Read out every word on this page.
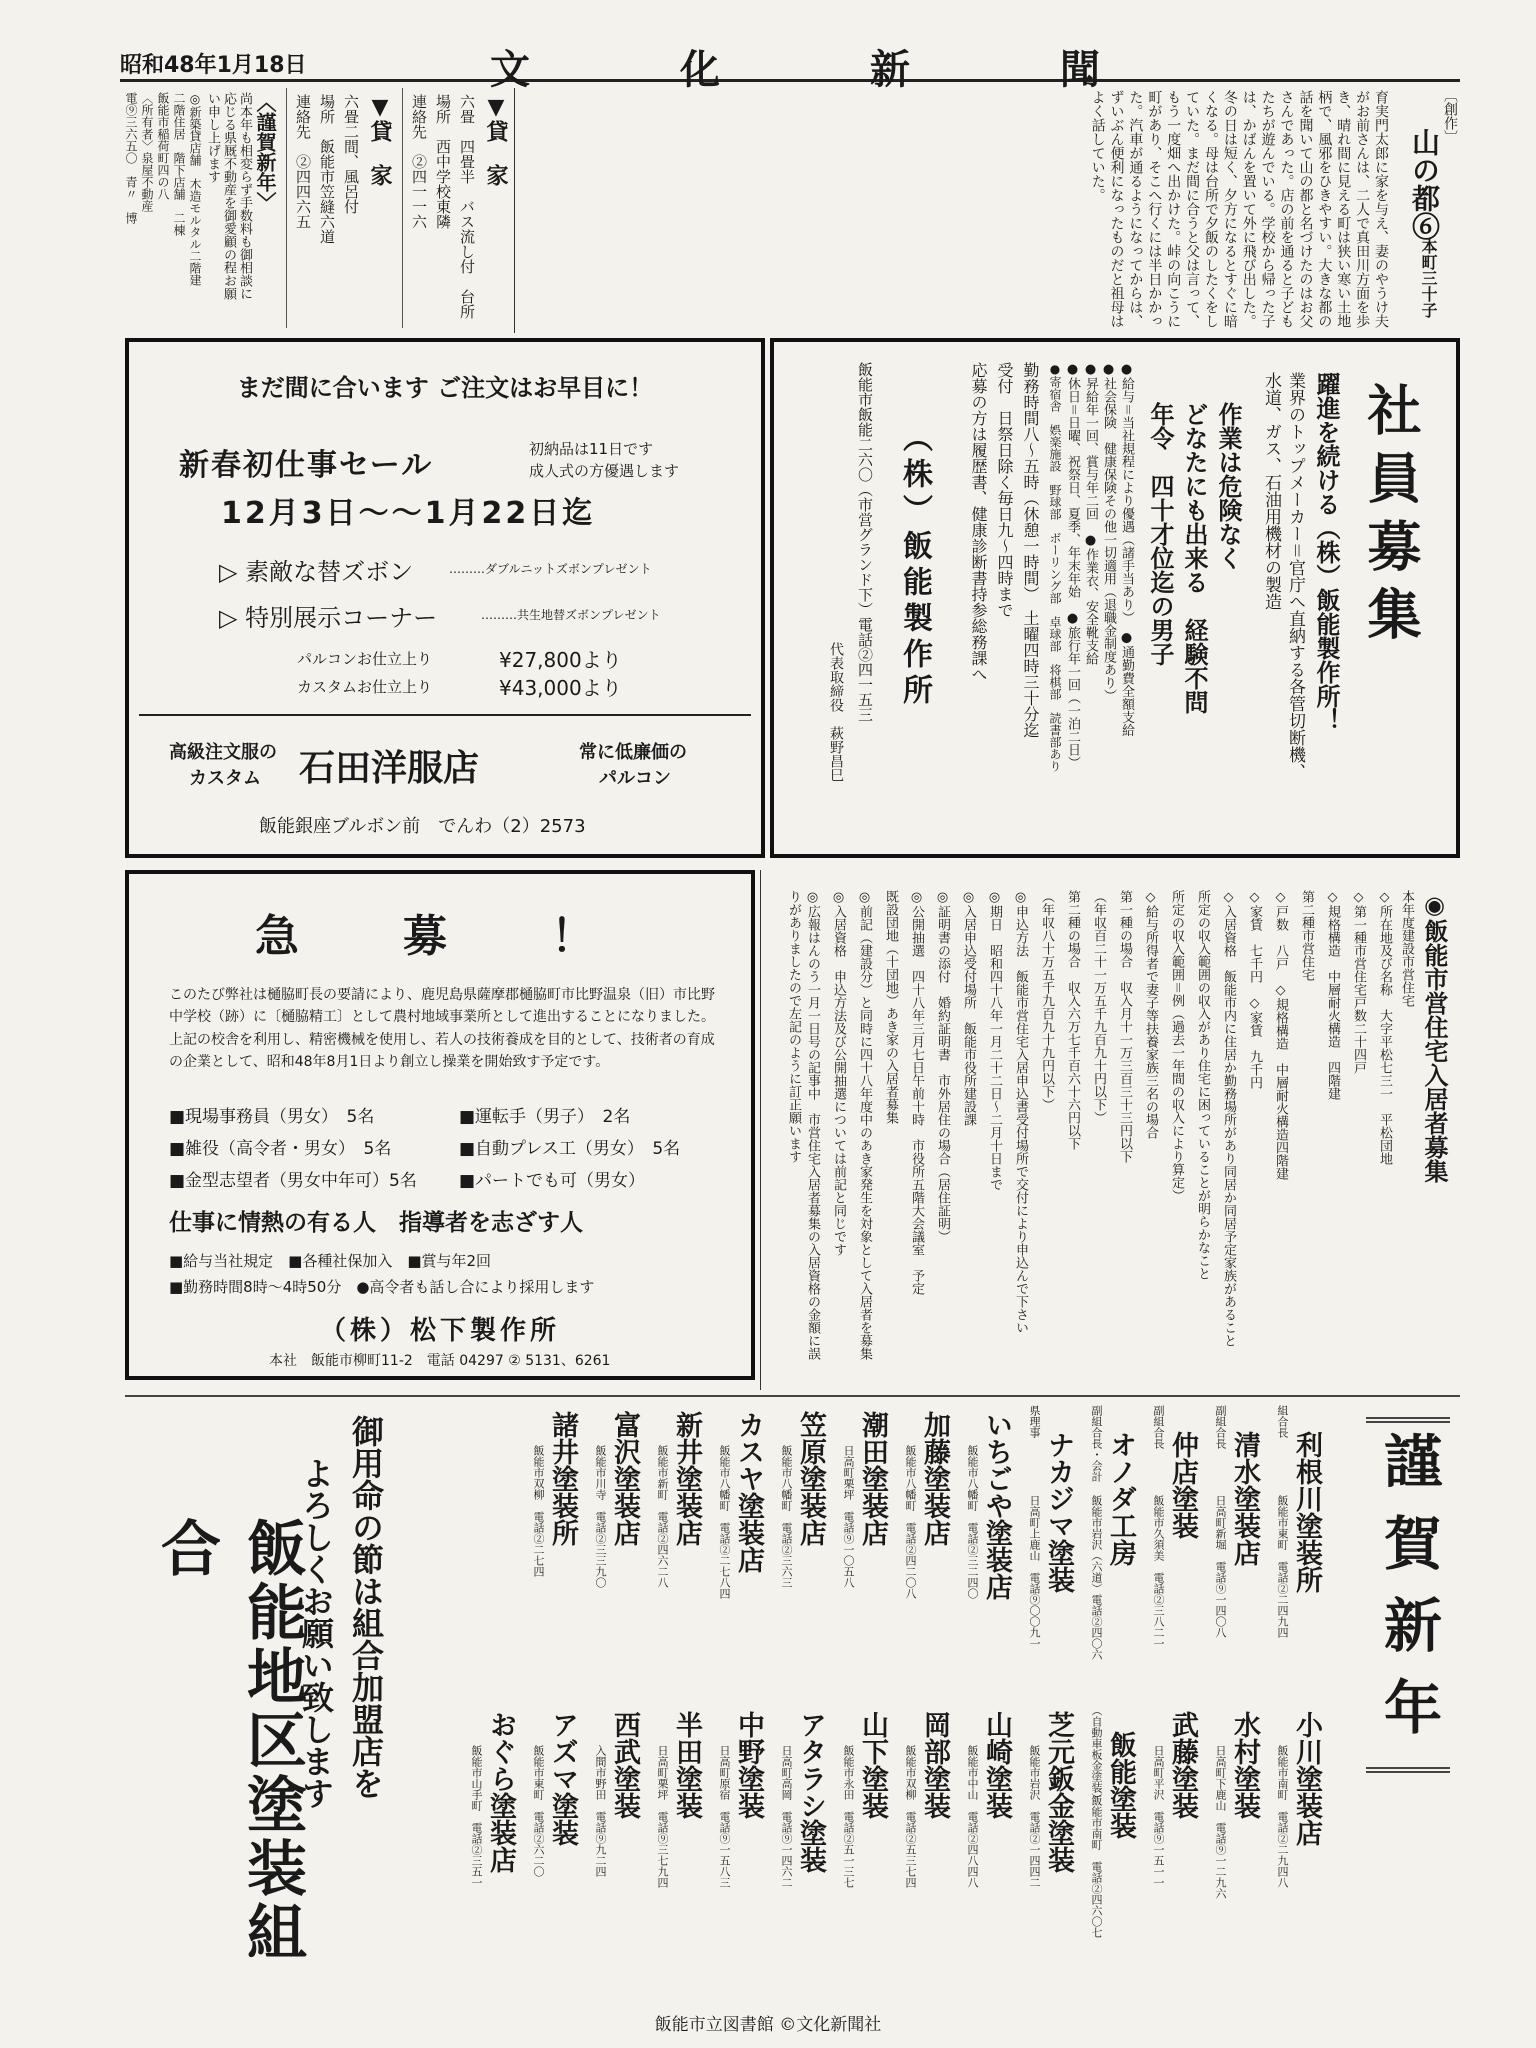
昭和48年1月18日	文化新聞
〔創作〕
山の都⑥
本町三十子
育実門太郎に家を与え、妻のやうけ夫がお前さんは、二人で真田川方面を歩き、晴れ間に見える町は狭い寒い土地柄で、風邪をひきやすい。大きな都の話を聞いて山の都と名づけたのはお父さんであった。店の前を通ると子どもたちが遊んでいる。学校から帰った子は、かばんを置いて外に飛び出した。冬の日は短く、夕方になるとすぐに暗くなる。母は台所で夕飯のしたくをしていた。まだ間に合うと父は言って、もう一度畑へ出かけた。峠の向こうに町があり、そこへ行くには半日かかった。汽車が通るようになってからは、ずいぶん便利になったものだと祖母はよく話していた。
▼貸　家
六畳　四畳半　バス流し付　台所
場所　西中学校東隣
連絡先　②四一一六
▼貸　家
六畳二間、風呂付
場所　飯能市笠縫六道
連絡先　②四四六五
〈謹賀新年〉
尚本年も相変らず手数料も御相談に
応じる県厩不動産を御愛顧の程お願
い申し上げます
◎新築貸店舗　木造モルタル二階建
二階住居　階下店舗　二棟
飯能市稲荷町四の八
〈所有者〉泉屋不動産
電⑨三六五〇　青〃　博
まだ間に合います ご注文はお早目に！
新春初仕事セール	初納品は11日です
成人式の方優遇します
12月3日～～1月22日迄
▷ 素敵な替ズボン	………ダブルニットズボンプレゼント
▷ 特別展示コーナー	………共生地替ズボンプレゼント
パルコンお仕立上り	¥27,800より
カスタムお仕立上り	¥43,000より
高級注文服の
カスタム 石田洋服店	常に低廉価の
パルコン
飯能銀座ブルボン前　でんわ（2）2573
社員募集
躍進を続ける（株）飯能製作所！
業界のトップメーカー＝官庁へ直納する各管切断機、
水道、ガス、石油用機材の製造
作業は危険なく
どなたにも出来る　経験不問
年令　四十才位迄の男子
●給与＝当社規程により優遇（諸手当あり）　●通勤費全額支給
●社会保険　健康保険その他一切適用（退職金制度あり）
●昇給年一回、賞与年二回　●作業衣、安全靴支給
●休日＝日曜、祝祭日、夏季、年末年始　●旅行年一回（一泊二日）
●寄宿舎　娯楽施設　野球部　ボーリング部　卓球部　将棋部　読書部あり
勤務時間八〜五時（休憩一時間）　土曜四時三十分迄
受付　日祭日除く毎日九〜四時まで
応募の方は履歴書、健康診断書持参総務課へ
（株）飯能製作所
飯能市飯能二六〇（市営グランド下）電話②四一五三
代表取締役　萩野昌巳
急　募　！
このたび弊社は樋脇町長の要請により、鹿児島県薩摩郡樋脇町市比野温泉（旧）市比野中学校（跡）に〔樋脇精工〕として農村地域事業所として進出することになりました。上記の校舎を利用し、精密機械を使用し、若人の技術養成を目的として、技術者の育成の企業として、昭和48年8月1日より創立し操業を開始致す予定です。
■現場事務員（男女）　5名	■運転手（男子）　2名
■雑役（高令者・男女）　5名	■自動プレス工（男女）　5名
■金型志望者（男女中年可）5名 ■パートでも可（男女）
仕事に情熱の有る人　指導者を志ざす人
■給与当社規定　■各種社保加入　■賞与年2回
■勤務時間8時〜4時50分　●高令者も話し合により採用します
（株）松下製作所
本社　飯能市柳町11-2　電話 04297 ② 5131、6261
◉飯能市営住宅入居者募集
本年度建設市営住宅
◇所在地及び名称　大字平松七三一　平松団地
◇第一種市営住宅戸数二十四戸
◇規格構造　中層耐火構造　四階建
第二種市営住宅
◇戸数　八戸　◇規格構造　中層耐火構造四階建
◇家賃　七千円　◇家賃　九千円
◇入居資格　飯能市内に住居か勤務場所があり同居か同居予定家族があること
所定の収入範囲の収入があり住宅に困っていることが明らかなこと
所定の収入範囲＝例（過去一年間の収入により算定）
◇給与所得者で妻子等扶養家族三名の場合
第一種の場合　収入月十一万三百三十三円以下
（年収百二十一万五千九百九十円以下）
第二種の場合　収入六万七千百六十六円以下
（年収八十万五千九百九十九円以下）
◎申込方法　飯能市営住宅入居申込書受付場所で交付により申込んで下さい
◎期日　昭和四十八年一月二十二日〜二月十日まで
◎入居申込受付場所　飯能市役所建設課
◎証明書の添付　婚約証明書　市外居住の場合（居住証明）
◎公開抽選　四十八年三月七日午前十時　市役所五階大会議室　予定
既設団地（十団地）あき家の入居者募集
◎前記（建設分）と同時に四十八年度中のあき家発生を対象として入居者を募集
◎入居資格　申込方法及び公開抽選については前記と同じです
◎広報はんのう一月一日号の記事中　市営住宅入居者募集の入居資格の金額に誤りがありましたので左記のように訂正願います
謹賀新年
組合長
利根川塗装所
飯能市東町　電話②二四九四
副組合長
清水塗装店
日高町新堀　電話⑨一四〇八
副組合長
仲店塗装
飯能市久須美　電話②三八二一
副組合長・会計 オノダ工房
飯能市岩沢（六道）電話②四〇六
県理事
ナカジマ塗装
日高町上鹿山　電話⑨〇〇九一
いちごや塗装店
飯能市八幡町　電話②三二四〇
加藤塗装店
飯能市八幡町　電話②四二〇八
潮田塗装店
日高町栗坪　電話⑨一〇五八
笠原塗装店
飯能市八幡町　電話②三六三
カスヤ塗装店
飯能市八幡町　電話②二七八四
新井塗装店
飯能市新町　電話②四六二八
富沢塗装店
飯能市川寺　電話②三三九〇
諸井塗装所
飯能市双柳　電話②二七四
小川塗装店
飯能市南町　電話②二九四八
水村塗装
日高町下鹿山　電話⑨一二九六
武藤塗装
日高町平沢　電話⑨一五一一
（自動車板金塗装） 飯能塗装
飯能市南町　電話②四六〇七
芝元鈑金塗装
飯能市岩沢　電話②一四四二
山崎塗装
飯能市中山　電話②四八四八
岡部塗装
飯能市双柳　電話②五三七四
山下塗装
飯能市永田　電話②五一三七
アタラシ塗装
日高町高岡　電話⑨一四六二
中野塗装
日高町原宿　電話⑨一五八三
半田塗装
日高町栗坪　電話⑨三七九四
西武塗装
入間市野田　電話⑨九二四
アズマ塗装
飯能市東町　電話②六二〇
おぐら塗装店
飯能市山手町　電話②三五一
御用命の節は組合加盟店を
よろしくお願い致します
飯能地区塗装組合
飯能市立図書館 ©文化新聞社
